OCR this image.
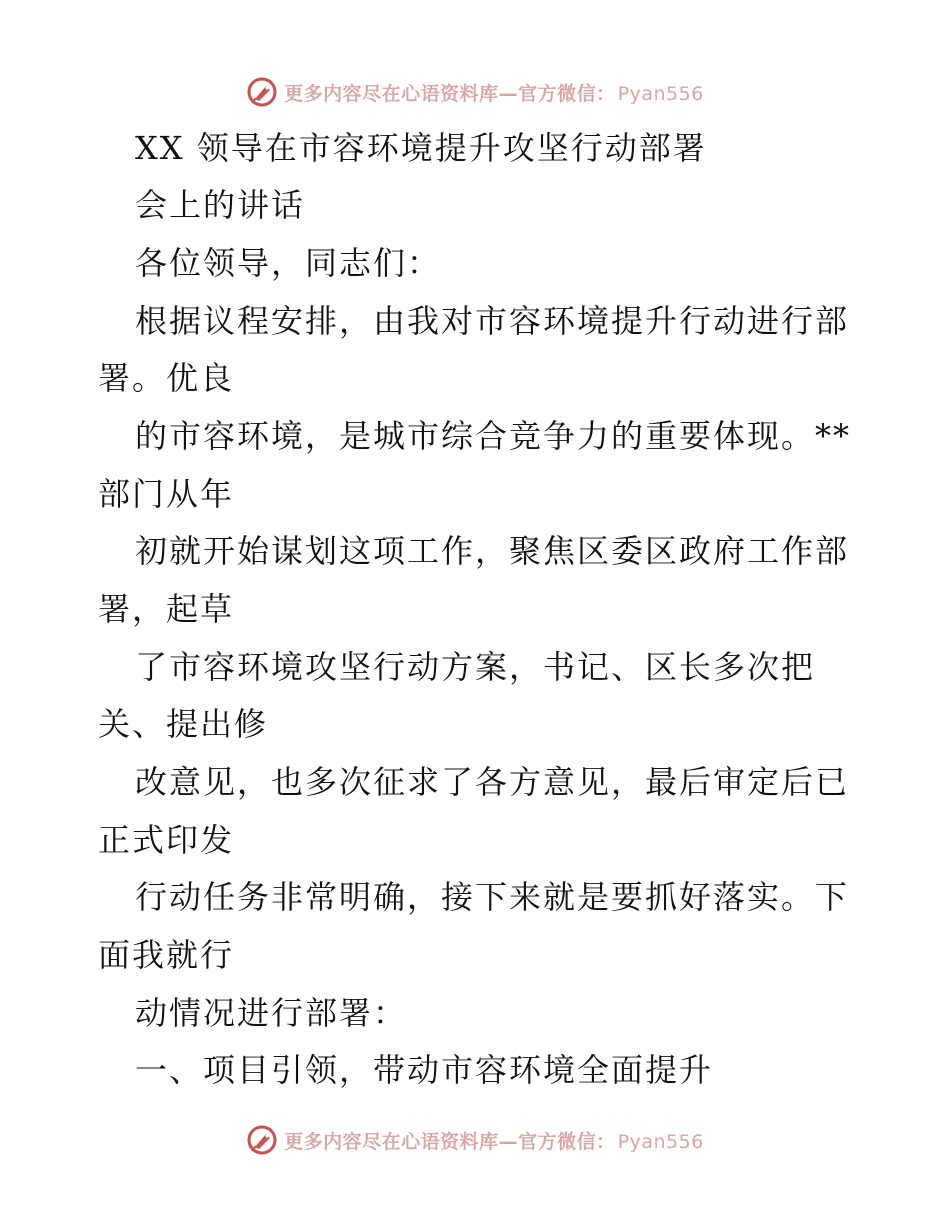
更多内容尽在心语资料库—官方微信： Pyan556
XX 领导在市容环境提升攻坚行动部署
会上的讲话
各位领导，同志们：
根据议程安排，由我对市容环境提升行动进行部
署。优良
的市容环境，是城市综合竞争力的重要体现。**
部门从年
初就开始谋划这项工作，聚焦区委区政府工作部
署，起草
了市容环境攻坚行动方案，书记、区长多次把
关、提出修
改意见，也多次征求了各方意见，最后审定后已
正式印发
行动任务非常明确，接下来就是要抓好落实。下
面我就行
动情况进行部署：
一、项目引领，带动市容环境全面提升
更多内容尽在心语资料库—官方微信： Pyan556
